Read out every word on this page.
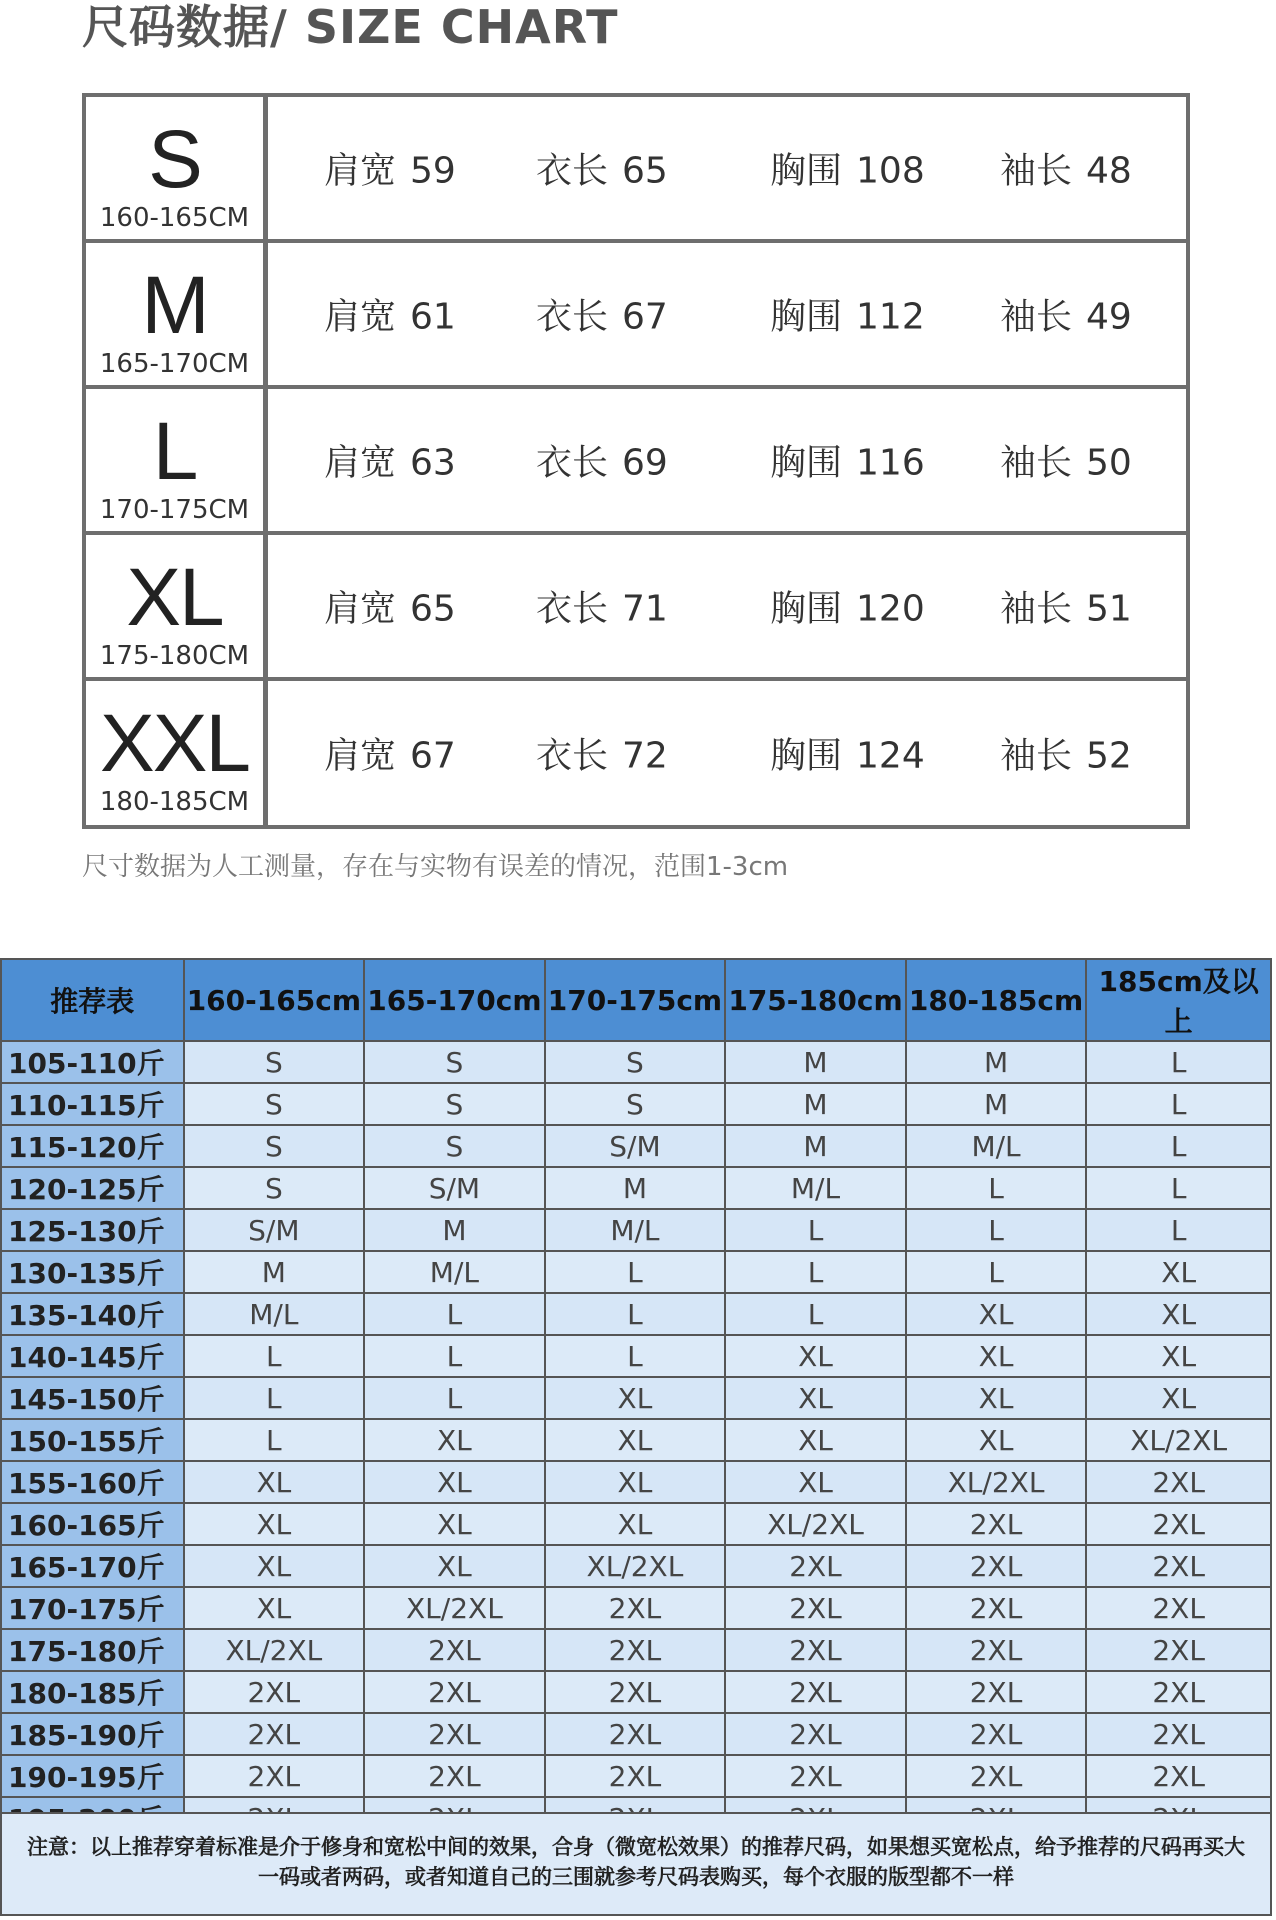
尺码数据/ SIZE CHART
S
160-165CM
肩宽 59 衣长 65	胸围 108 袖长 48
M
165-170CM
肩宽 61 衣长 67	胸围 112 袖长 49
L
170-175CM
肩宽 63 衣长 69	胸围 116 袖长 50
XL
175-180CM
肩宽 65 衣长 71	胸围 120 袖长 51
XXL
180-185CM
肩宽 67 衣长 72	胸围 124 袖长 52
尺寸数据为人工测量，存在与实物有误差的情况，范围1-3cm
推荐表	160-165cm	165-170cm	170-175cm	175-180cm	180-185cm	185cm及以上
105-110斤	S	S	S	M	M	L
110-115斤	S	S	S	M	M	L
115-120斤	S	S	S/M	M	M/L	L
120-125斤	S	S/M	M	M/L	L	L
125-130斤	S/M	M	M/L	L	L	L
130-135斤	M	M/L	L	L	L	XL
135-140斤	M/L	L	L	L	XL	XL
140-145斤	L	L	L	XL	XL	XL
145-150斤	L	L	XL	XL	XL	XL
150-155斤	L	XL	XL	XL	XL	XL/2XL
155-160斤	XL	XL	XL	XL	XL/2XL	2XL
160-165斤	XL	XL	XL	XL/2XL	2XL	2XL
165-170斤	XL	XL	XL/2XL	2XL	2XL	2XL
170-175斤	XL	XL/2XL	2XL	2XL	2XL	2XL
175-180斤	XL/2XL	2XL	2XL	2XL	2XL	2XL
180-185斤	2XL	2XL	2XL	2XL	2XL	2XL
185-190斤	2XL	2XL	2XL	2XL	2XL	2XL
190-195斤	2XL	2XL	2XL	2XL	2XL	2XL

注意：以上推荐穿着标准是介于修身和宽松中间的效果，合身（微宽松效果）的推荐尺码，如果想买宽松点，给予推荐的尺码再买大
一码或者两码，或者知道自己的三围就参考尺码表购买，每个衣服的版型都不一样
